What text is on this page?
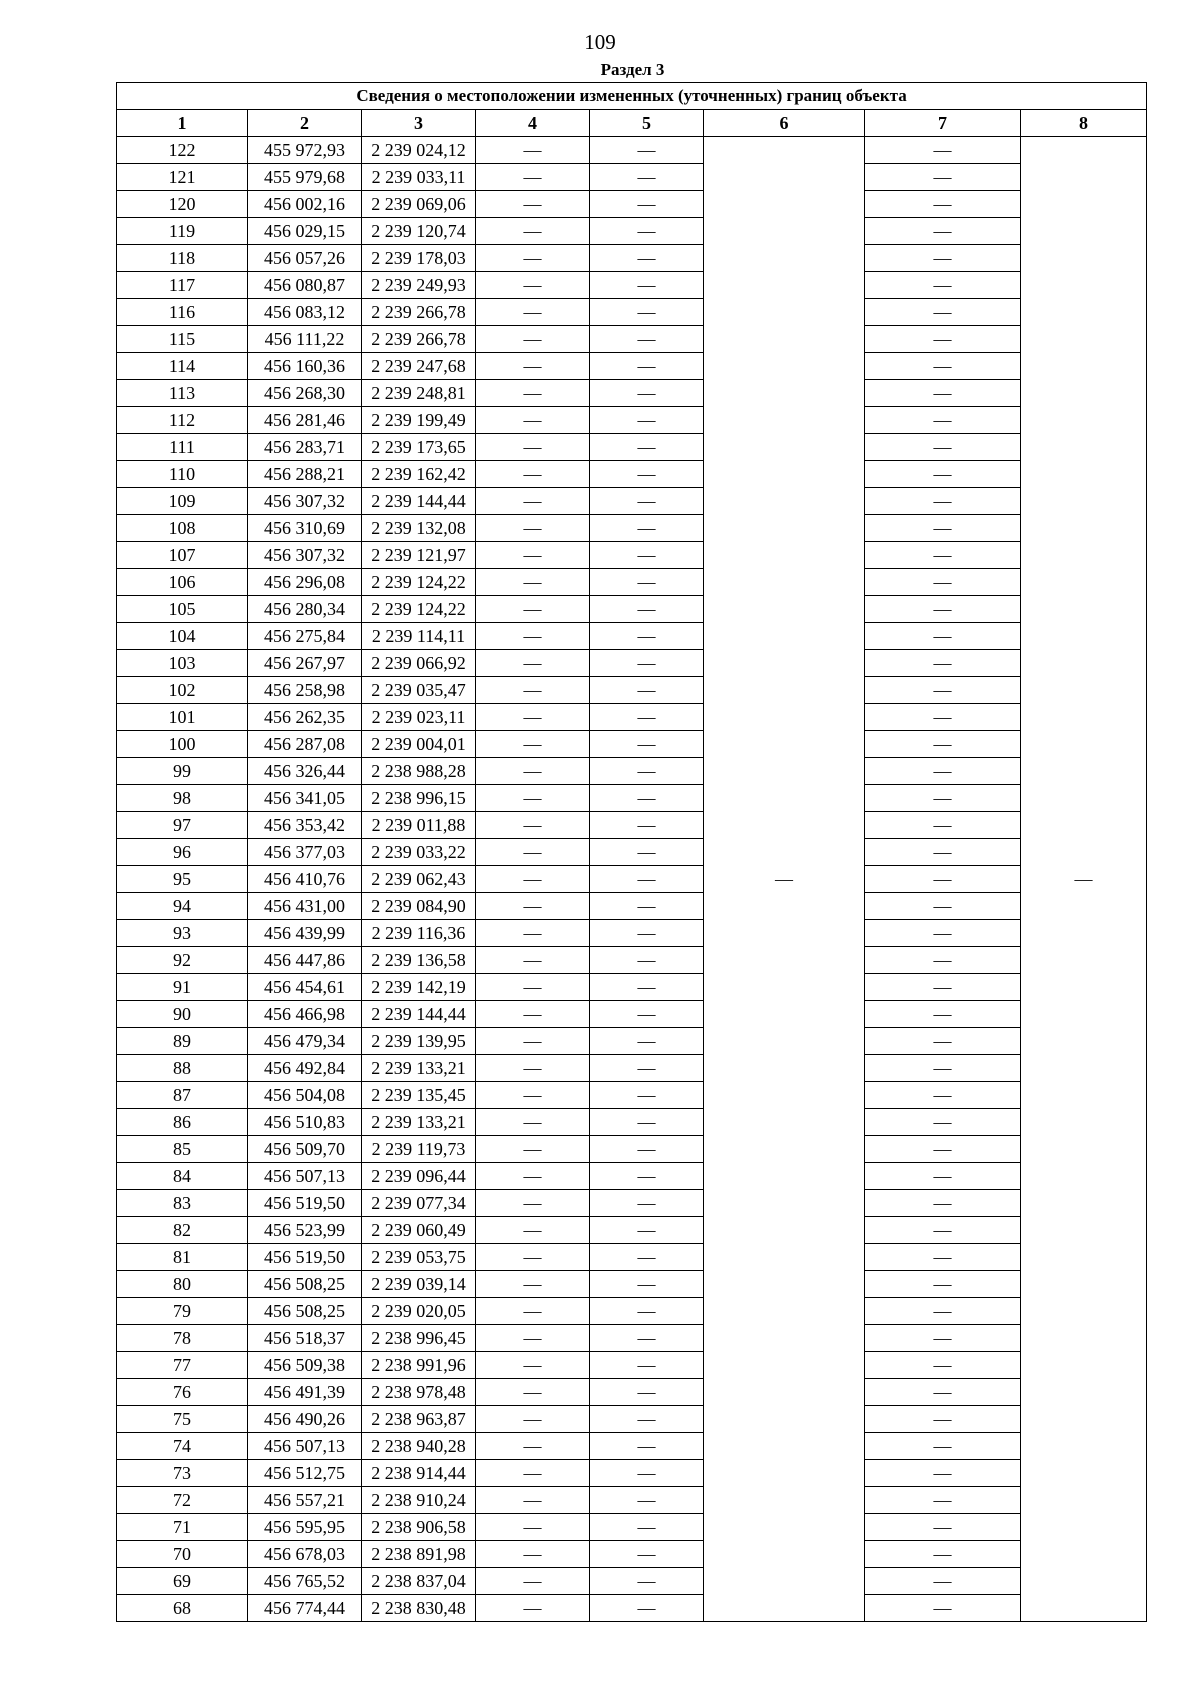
109
Раздел 3
Сведения о местоположении измененных (уточненных) границ объекта							
1	2	3	4	5	6	7	8
122	455 972,93	2 239 024,12	—	—	—	—	—
121	455 979,68	2 239 033,11	—	—		—	
120	456 002,16	2 239 069,06	—	—		—	
119	456 029,15	2 239 120,74	—	—		—	
118	456 057,26	2 239 178,03	—	—		—	
117	456 080,87	2 239 249,93	—	—		—	
116	456 083,12	2 239 266,78	—	—		—	
115	456 111,22	2 239 266,78	—	—		—	
114	456 160,36	2 239 247,68	—	—		—	
113	456 268,30	2 239 248,81	—	—		—	
112	456 281,46	2 239 199,49	—	—		—	
111	456 283,71	2 239 173,65	—	—		—	
110	456 288,21	2 239 162,42	—	—		—	
109	456 307,32	2 239 144,44	—	—		—	
108	456 310,69	2 239 132,08	—	—		—	
107	456 307,32	2 239 121,97	—	—		—	
106	456 296,08	2 239 124,22	—	—		—	
105	456 280,34	2 239 124,22	—	—		—	
104	456 275,84	2 239 114,11	—	—		—	
103	456 267,97	2 239 066,92	—	—		—	
102	456 258,98	2 239 035,47	—	—		—	
101	456 262,35	2 239 023,11	—	—		—	
100	456 287,08	2 239 004,01	—	—		—	
99	456 326,44	2 238 988,28	—	—		—	
98	456 341,05	2 238 996,15	—	—		—	
97	456 353,42	2 239 011,88	—	—		—	
96	456 377,03	2 239 033,22	—	—		—	
95	456 410,76	2 239 062,43	—	—		—	
94	456 431,00	2 239 084,90	—	—		—	
93	456 439,99	2 239 116,36	—	—		—	
92	456 447,86	2 239 136,58	—	—		—	
91	456 454,61	2 239 142,19	—	—		—	
90	456 466,98	2 239 144,44	—	—		—	
89	456 479,34	2 239 139,95	—	—		—	
88	456 492,84	2 239 133,21	—	—		—	
87	456 504,08	2 239 135,45	—	—		—	
86	456 510,83	2 239 133,21	—	—		—	
85	456 509,70	2 239 119,73	—	—		—	
84	456 507,13	2 239 096,44	—	—		—	
83	456 519,50	2 239 077,34	—	—		—	
82	456 523,99	2 239 060,49	—	—		—	
81	456 519,50	2 239 053,75	—	—		—	
80	456 508,25	2 239 039,14	—	—		—	
79	456 508,25	2 239 020,05	—	—		—	
78	456 518,37	2 238 996,45	—	—		—	
77	456 509,38	2 238 991,96	—	—		—	
76	456 491,39	2 238 978,48	—	—		—	
75	456 490,26	2 238 963,87	—	—		—	
74	456 507,13	2 238 940,28	—	—		—	
73	456 512,75	2 238 914,44	—	—		—	
72	456 557,21	2 238 910,24	—	—		—	
71	456 595,95	2 238 906,58	—	—		—	
70	456 678,03	2 238 891,98	—	—		—	
69	456 765,52	2 238 837,04	—	—		—	
68	456 774,44	2 238 830,48	—	—		—	
